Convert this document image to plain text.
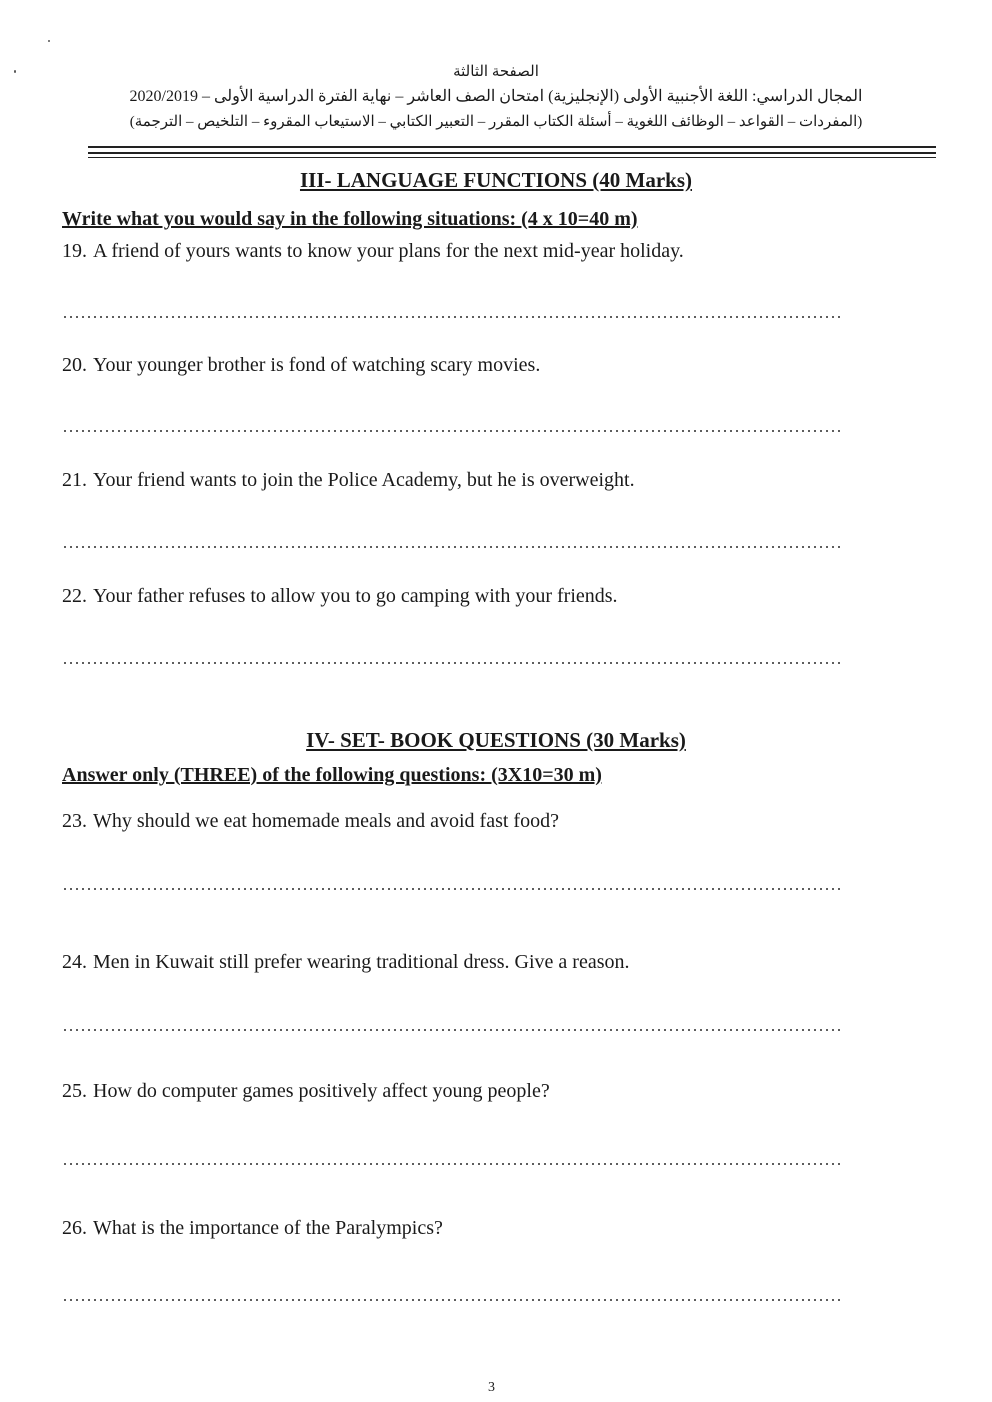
الصفحة الثالثة
المجال الدراسي: اللغة الأجنبية الأولى (الإنجليزية) امتحان الصف العاشر – نهاية الفترة الدراسية الأولى – 2020/2019
(المفردات – القواعد – الوظائف اللغوية – أسئلة الكتاب المقرر – التعبير الكتابي – الاستيعاب المقروء – التلخيص – الترجمة)
III- LANGUAGE FUNCTIONS (40 Marks)
Write what you would say in the following situations: (4 x 10=40 m)
19. A friend of yours wants to know your plans for the next mid-year holiday.
20. Your younger brother is fond of watching scary movies.
21. Your friend wants to join the Police Academy, but he is overweight.
22. Your father refuses to allow you to go camping with your friends.
IV- SET- BOOK QUESTIONS (30 Marks)
Answer only (THREE) of the following questions: (3X10=30 m)
23. Why should we eat homemade meals and avoid fast food?
24. Men in Kuwait still prefer wearing traditional dress. Give a reason.
25. How do computer games positively affect young people?
26. What is the importance of the Paralympics?
3
